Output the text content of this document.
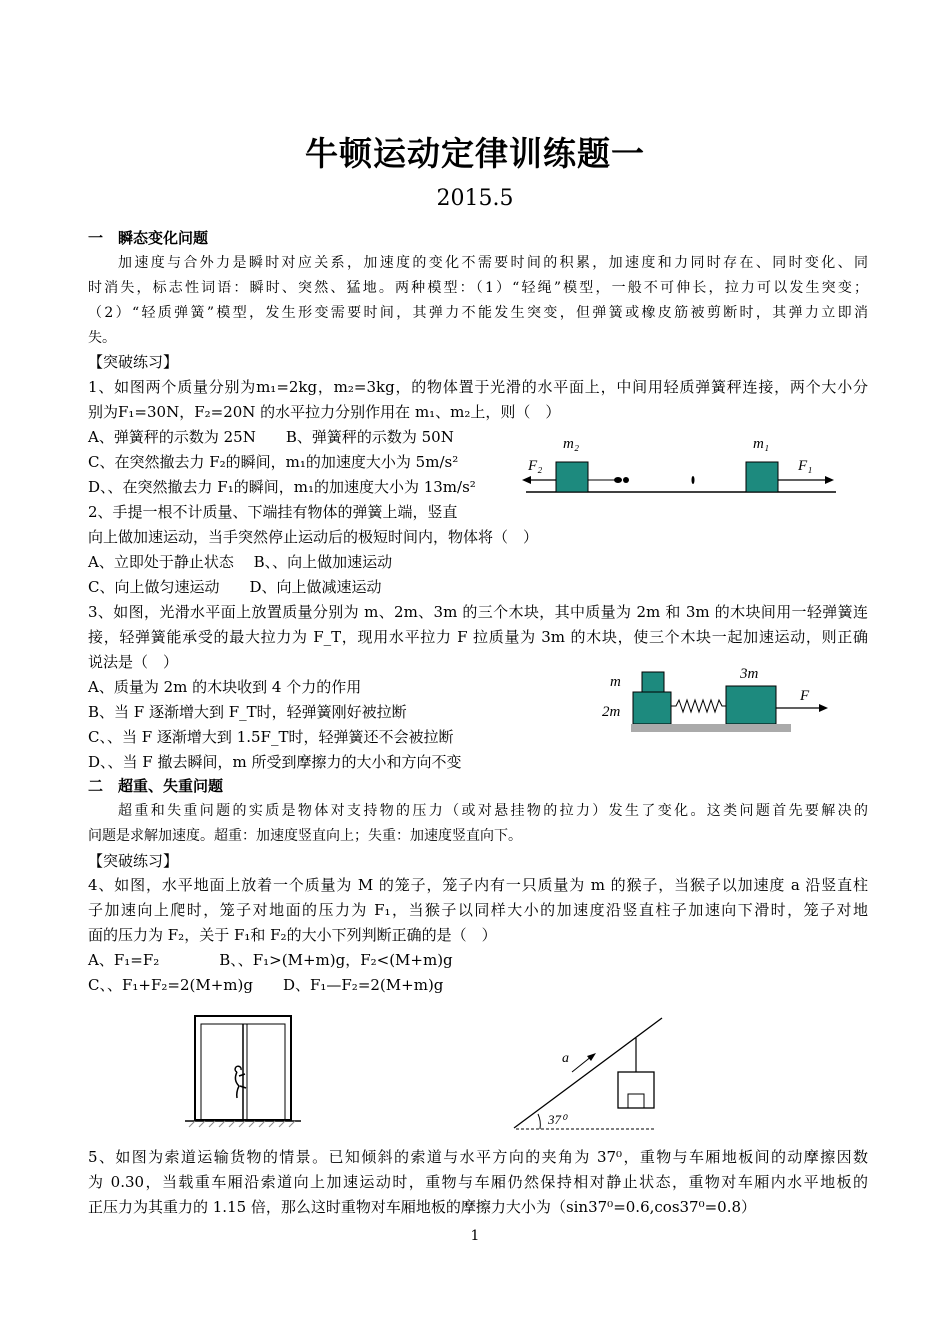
牛顿运动定律训练题一
2015.5
一　瞬态变化问题
加速度与合外力是瞬时对应关系，加速度的变化不需要时间的积累，加速度和力同时存在、同时变化、同
时消失，标志性词语：瞬时、突然、猛地。两种模型：（1）“轻绳”模型，一般不可伸长，拉力可以发生突变；
（2）“轻质弹簧”模型，发生形变需要时间，其弹力不能发生突变，但弹簧或橡皮筋被剪断时，其弹力立即消
失。
【突破练习】
1、如图两个质量分别为m₁=2kg，m₂=3kg，的物体置于光滑的水平面上，中间用轻质弹簧秤连接，两个大小分
别为F₁=30N，F₂=20N 的水平拉力分别作用在 m₁、m₂上，则（　）
A、弹簧秤的示数为 25N　　B、弹簧秤的示数为 50N
C、在突然撤去力 F₂的瞬间，m₁的加速度大小为 5m/s²
D、、在突然撤去力 F₁的瞬间，m₁的加速度大小为 13m/s²
m₂	m₁
F₂	F₁
2、手提一根不计质量、下端挂有物体的弹簧上端，竖直
向上做加速运动，当手突然停止运动后的极短时间内，物体将（　）
A、立即处于静止状态　 B、、向上做加速运动
C、向上做匀速运动　　D、向上做减速运动
3、如图，光滑水平面上放置质量分别为 m、2m、3m 的三个木块，其中质量为 2m 和 3m 的木块间用一轻弹簧连
接，轻弹簧能承受的最大拉力为 F_T，现用水平拉力 F 拉质量为 3m 的木块，使三个木块一起加速运动，则正确
说法是（　）
A、质量为 2m 的木块收到 4 个力的作用
B、当 F 逐渐增大到 F_T时，轻弹簧刚好被拉断
C、、当 F 逐渐增大到 1.5F_T时，轻弹簧还不会被拉断
D、、当 F 撤去瞬间，m 所受到摩擦力的大小和方向不变
m
2m
3m
F
二　超重、失重问题
超重和失重问题的实质是物体对支持物的压力（或对悬挂物的拉力）发生了变化。这类问题首先要解决的
问题是求解加速度。超重：加速度竖直向上；失重：加速度竖直向下。
【突破练习】
4、如图，水平地面上放着一个质量为 M 的笼子，笼子内有一只质量为 m 的猴子，当猴子以加速度 a 沿竖直柱
子加速向上爬时，笼子对地面的压力为 F₁，当猴子以同样大小的加速度沿竖直柱子加速向下滑时，笼子对地
面的压力为 F₂，关于 F₁和 F₂的大小下列判断正确的是（　）
A、F₁=F₂　　　　B、、F₁>(M+m)g，F₂<(M+m)g
C、、F₁+F₂=2(M+m)g　　D、F₁—F₂=2(M+m)g
37⁰
a
5、如图为索道运输货物的情景。已知倾斜的索道与水平方向的夹角为 37⁰，重物与车厢地板间的动摩擦因数
为 0.30，当载重车厢沿索道向上加速运动时，重物与车厢仍然保持相对静止状态，重物对车厢内水平地板的
正压力为其重力的 1.15 倍，那么这时重物对车厢地板的摩擦力大小为（sin37⁰=0.6,cos37⁰=0.8）
1
